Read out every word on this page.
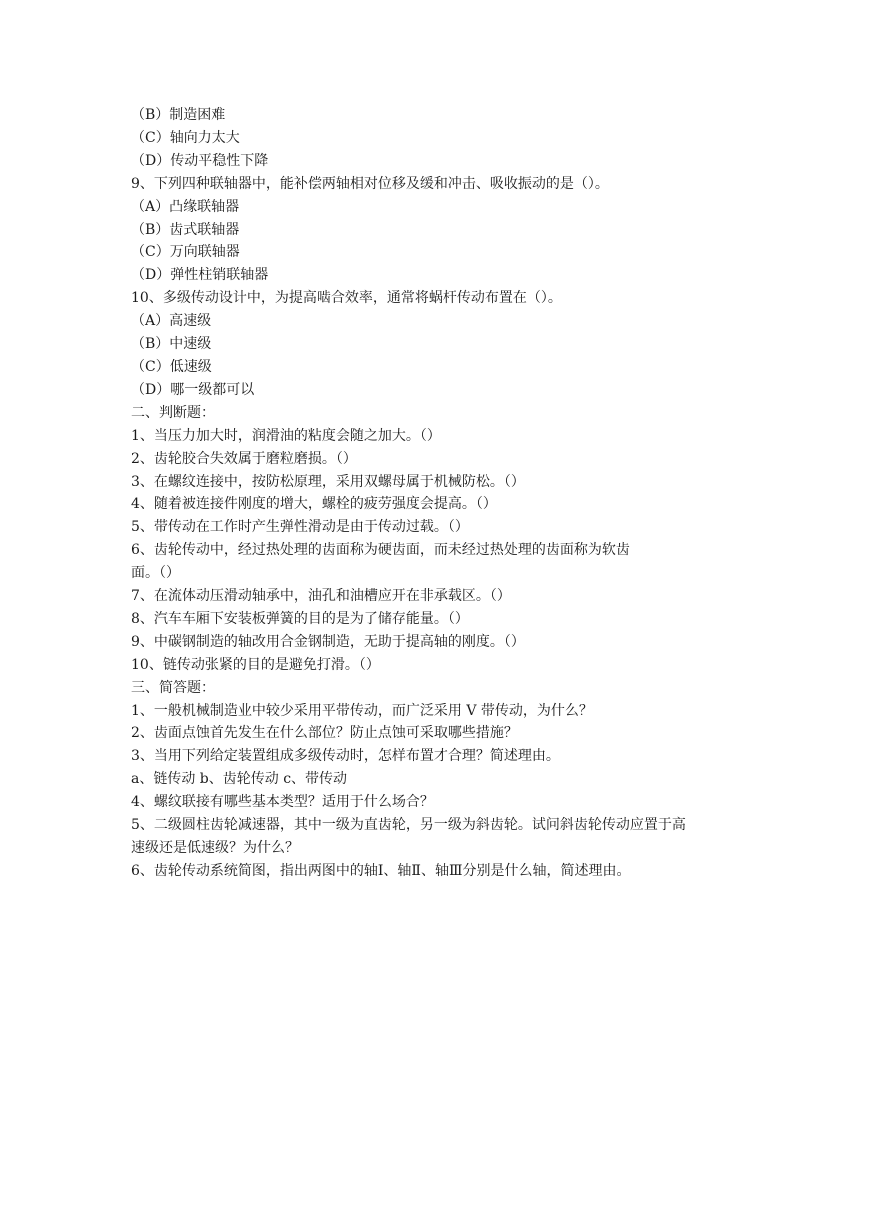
（B）制造困难

（C）轴向力太大

（D）传动平稳性下降

9、下列四种联轴器中，能补偿两轴相对位移及缓和冲击、吸收振动的是（）。

（A）凸缘联轴器

（B）齿式联轴器

（C）万向联轴器

（D）弹性柱销联轴器

10、多级传动设计中，为提高啮合效率，通常将蜗杆传动布置在（）。

（A）高速级

（B）中速级

（C）低速级

（D）哪一级都可以

二、判断题：

1、当压力加大时，润滑油的粘度会随之加大。（）

2、齿轮胶合失效属于磨粒磨损。（）

3、在螺纹连接中，按防松原理，采用双螺母属于机械防松。（）

4、随着被连接件刚度的增大，螺栓的疲劳强度会提高。（）

5、带传动在工作时产生弹性滑动是由于传动过载。（）

6、齿轮传动中，经过热处理的齿面称为硬齿面，而未经过热处理的齿面称为软齿

面。（）

7、在流体动压滑动轴承中，油孔和油槽应开在非承载区。（）

8、汽车车厢下安装板弹簧的目的是为了储存能量。（）

9、中碳钢制造的轴改用合金钢制造，无助于提高轴的刚度。（）

10、链传动张紧的目的是避免打滑。（）

三、简答题：

1、一般机械制造业中较少采用平带传动，而广泛采用 V 带传动，为什么？

2、齿面点蚀首先发生在什么部位？防止点蚀可采取哪些措施？

3、当用下列给定装置组成多级传动时，怎样布置才合理？简述理由。

a、链传动 b、齿轮传动 c、带传动

4、螺纹联接有哪些基本类型？适用于什么场合？

5、二级圆柱齿轮减速器，其中一级为直齿轮，另一级为斜齿轮。试问斜齿轮传动应置于高

速级还是低速级？为什么？

6、齿轮传动系统简图，指出两图中的轴Ⅰ、轴Ⅱ、轴Ⅲ分别是什么轴，简述理由。
